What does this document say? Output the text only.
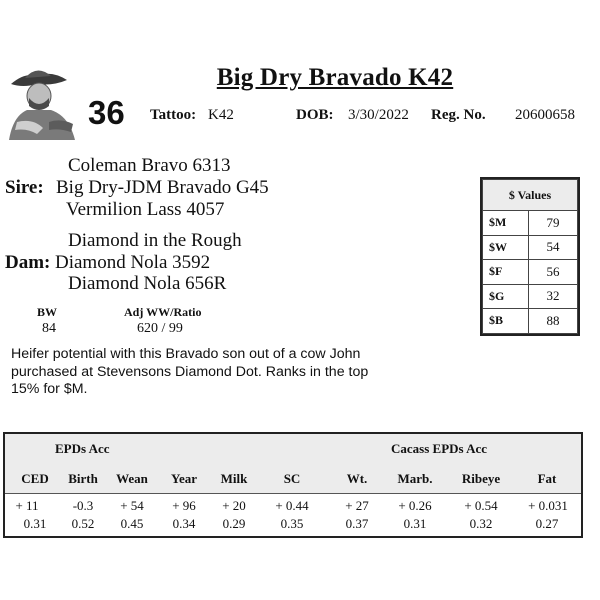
Big Dry Bravado K42
36 Tattoo: K42	DOB: 3/30/2022 Reg. No. 20600658
Coleman Bravo 6313
Sire: Big Dry-JDM Bravado G45
Vermilion Lass 4057
Diamond in the Rough
Dam: Diamond Nola 3592
Diamond Nola 656R
BW
84
Adj WW/Ratio
620 / 99
Heifer potential with this Bravado son out of a cow John purchased at Stevensons Diamond Dot. Ranks in the top 15% for $M.
$ Values	
$M	79
$W	54
$F	56
$G	32
$B	88
EPDs Acc	Cacass EPDs Acc
CED	Birth	Wean	Year	Milk	SC	Wt.	Marb.	Ribeye	Fat
+ 11	-0.3	+ 54	+ 96	+ 20	+ 0.44	+ 27	+ 0.26	+ 0.54	+ 0.031
0.31	0.52	0.45	0.34	0.29	0.35	0.37	0.31	0.32	0.27
